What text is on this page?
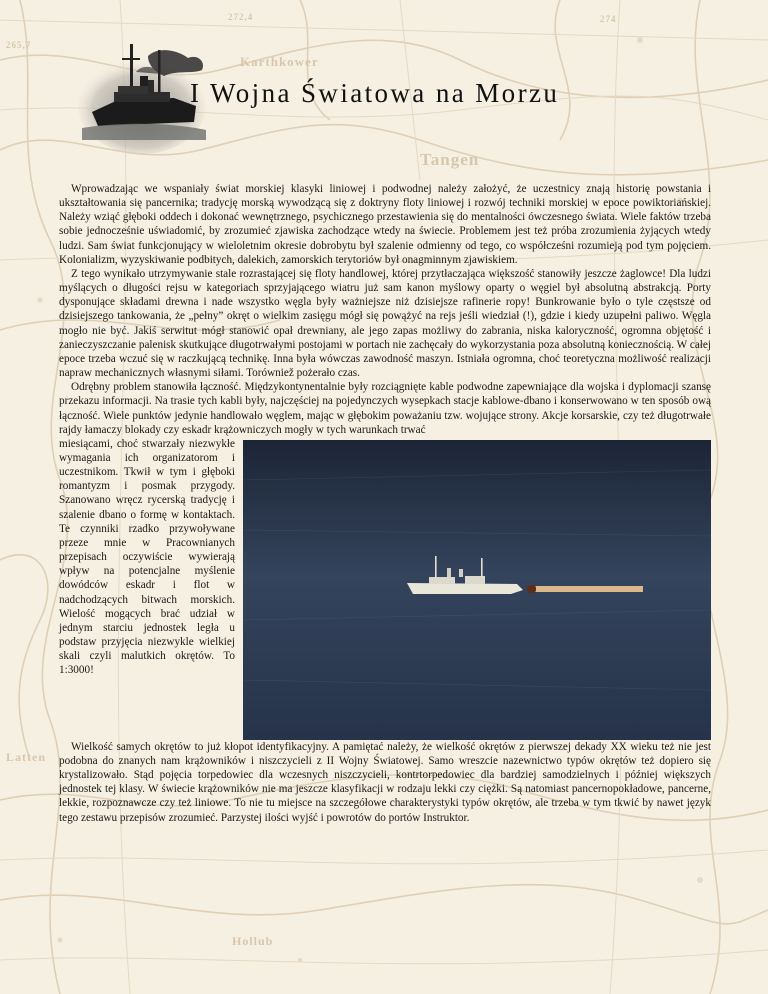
Karthkower
Tangen
Hollub
Latten
272,4
265,7
274
I Wojna Światowa na Morzu

Wprowadzając we wspaniały świat morskiej klasyki liniowej i podwodnej należy założyć, że uczestnicy znają historię powstania i ukształtowania się pancernika; tradycję morską wywodzącą się z doktryny floty liniowej i rozwój techniki morskiej w epoce powiktoriańskiej. Należy wziąć głęboki oddech i dokonać wewnętrznego, psychicznego przestawienia się do mentalności ówczesnego świata. Wiele faktów trzeba sobie jednocześnie uświadomić, by zrozumieć zjawiska zachodzące wtedy na świecie. Problemem jest też próba zrozumienia żyjących wtedy ludzi. Sam świat funkcjonujący w wieloletnim okresie dobrobytu był szalenie odmienny od tego, co współcześni rozumieją pod tym pojęciem. Kolonializm, wyzyskiwanie podbitych, dalekich, zamorskich terytoriów był onagminnym zjawiskiem.

Z tego wynikało utrzymywanie stale rozrastającej się floty handlowej, której przytłaczająca większość stanowiły jeszcze żaglowce! Dla ludzi myślących o długości rejsu w kategoriach sprzyjającego wiatru już sam kanon myślowy oparty o węgiel był absolutną abstrakcją. Porty dysponujące składami drewna i nade wszystko węgla były ważniejsze niż dzisiejsze rafinerie ropy! Bunkrowanie było o tyle częstsze od dzisiejszego tankowania, że „pełny” okręt o wielkim zasięgu mógł się powążyć na rejs jeśli wiedział (!), gdzie i kiedy uzupełni paliwo. Węgla mogło nie być. Jakiś serwitut mógł stanowić opał drewniany, ale jego zapas możliwy do zabrania, niska kaloryczność, ogromna objętość i zanieczyszczanie palenisk skutkujące długotrwałymi postojami w portach nie zachęcały do wykorzystania poza absolutną koniecznością. W całej epoce trzeba wczuć się w raczkującą technikę. Inna była wówczas zawodność maszyn. Istniała ogromna, choć teoretyczna możliwość realizacji napraw mechanicznych własnymi siłami. Torówniež pożerało czas.

Odrębny problem stanowiła łączność. Międzykontynentalnie były rozciągnięte kable podwodne zapewniające dla wojska i dyplomacji szansę przekazu informacji. Na trasie tych kabli były, najczęściej na pojedynczych wysepkach stacje kablowe-dbano i konserwowano w ten sposób ową łączność. Wiele punktów jedynie handlowało węglem, mając w głębokim poważaniu tzw. wojujące strony. Akcje korsarskie, czy też długotrwałe rajdy łamaczy blokady czy eskadr krążowniczych mogły w tych warunkach trwać

miesiącami, choć stwarzały niezwykłe wymagania ich organizatorom i uczestnikom. Tkwił w tym i głęboki romantyzm i posmak przygody. Szanowano wręcz rycerską tradycję i szalenie dbano o formę w kontaktach. Te czynniki rzadko przywoływane przeze mnie w Pracownianych przepisach oczywiście wywierają wpływ na potencjalne myślenie dowódców eskadr i flot w nadchodzących bitwach morskich. Wielość mogących brać udział w jednym starciu jednostek legła u podstaw przyjęcia niezwykle wielkiej skali czyli malutkich okrętów. To 1:3000!

Wielkość samych okrętów to już kłopot identyfikacyjny. A pamiętać należy, że wielkość okrętów z pierwszej dekady XX wieku też nie jest podobna do znanych nam krążowników i niszczycieli z II Wojny Światowej. Samo wreszcie nazewnictwo typów okrętów też dopiero się krystalizowało. Stąd pojęcia torpedowiec dla wczesnych niszczycieli, kontrtorpedowiec dla bardziej samodzielnych i później większych jednostek tej klasy. W świecie krążowników nie ma jeszcze klasyfikacji w rodzaju lekki czy ciężki. Są natomiast pancernopokładowe, pancerne, lekkie, rozpoznawcze czy też liniowe. To nie tu miejsce na szczegółowe charakterystyki typów okrętów, ale trzeba w tym tkwić by nawet język tego zestawu przepisów zrozumieć. Parzystej ilości wyjść i powrotów do portów Instruktor.
